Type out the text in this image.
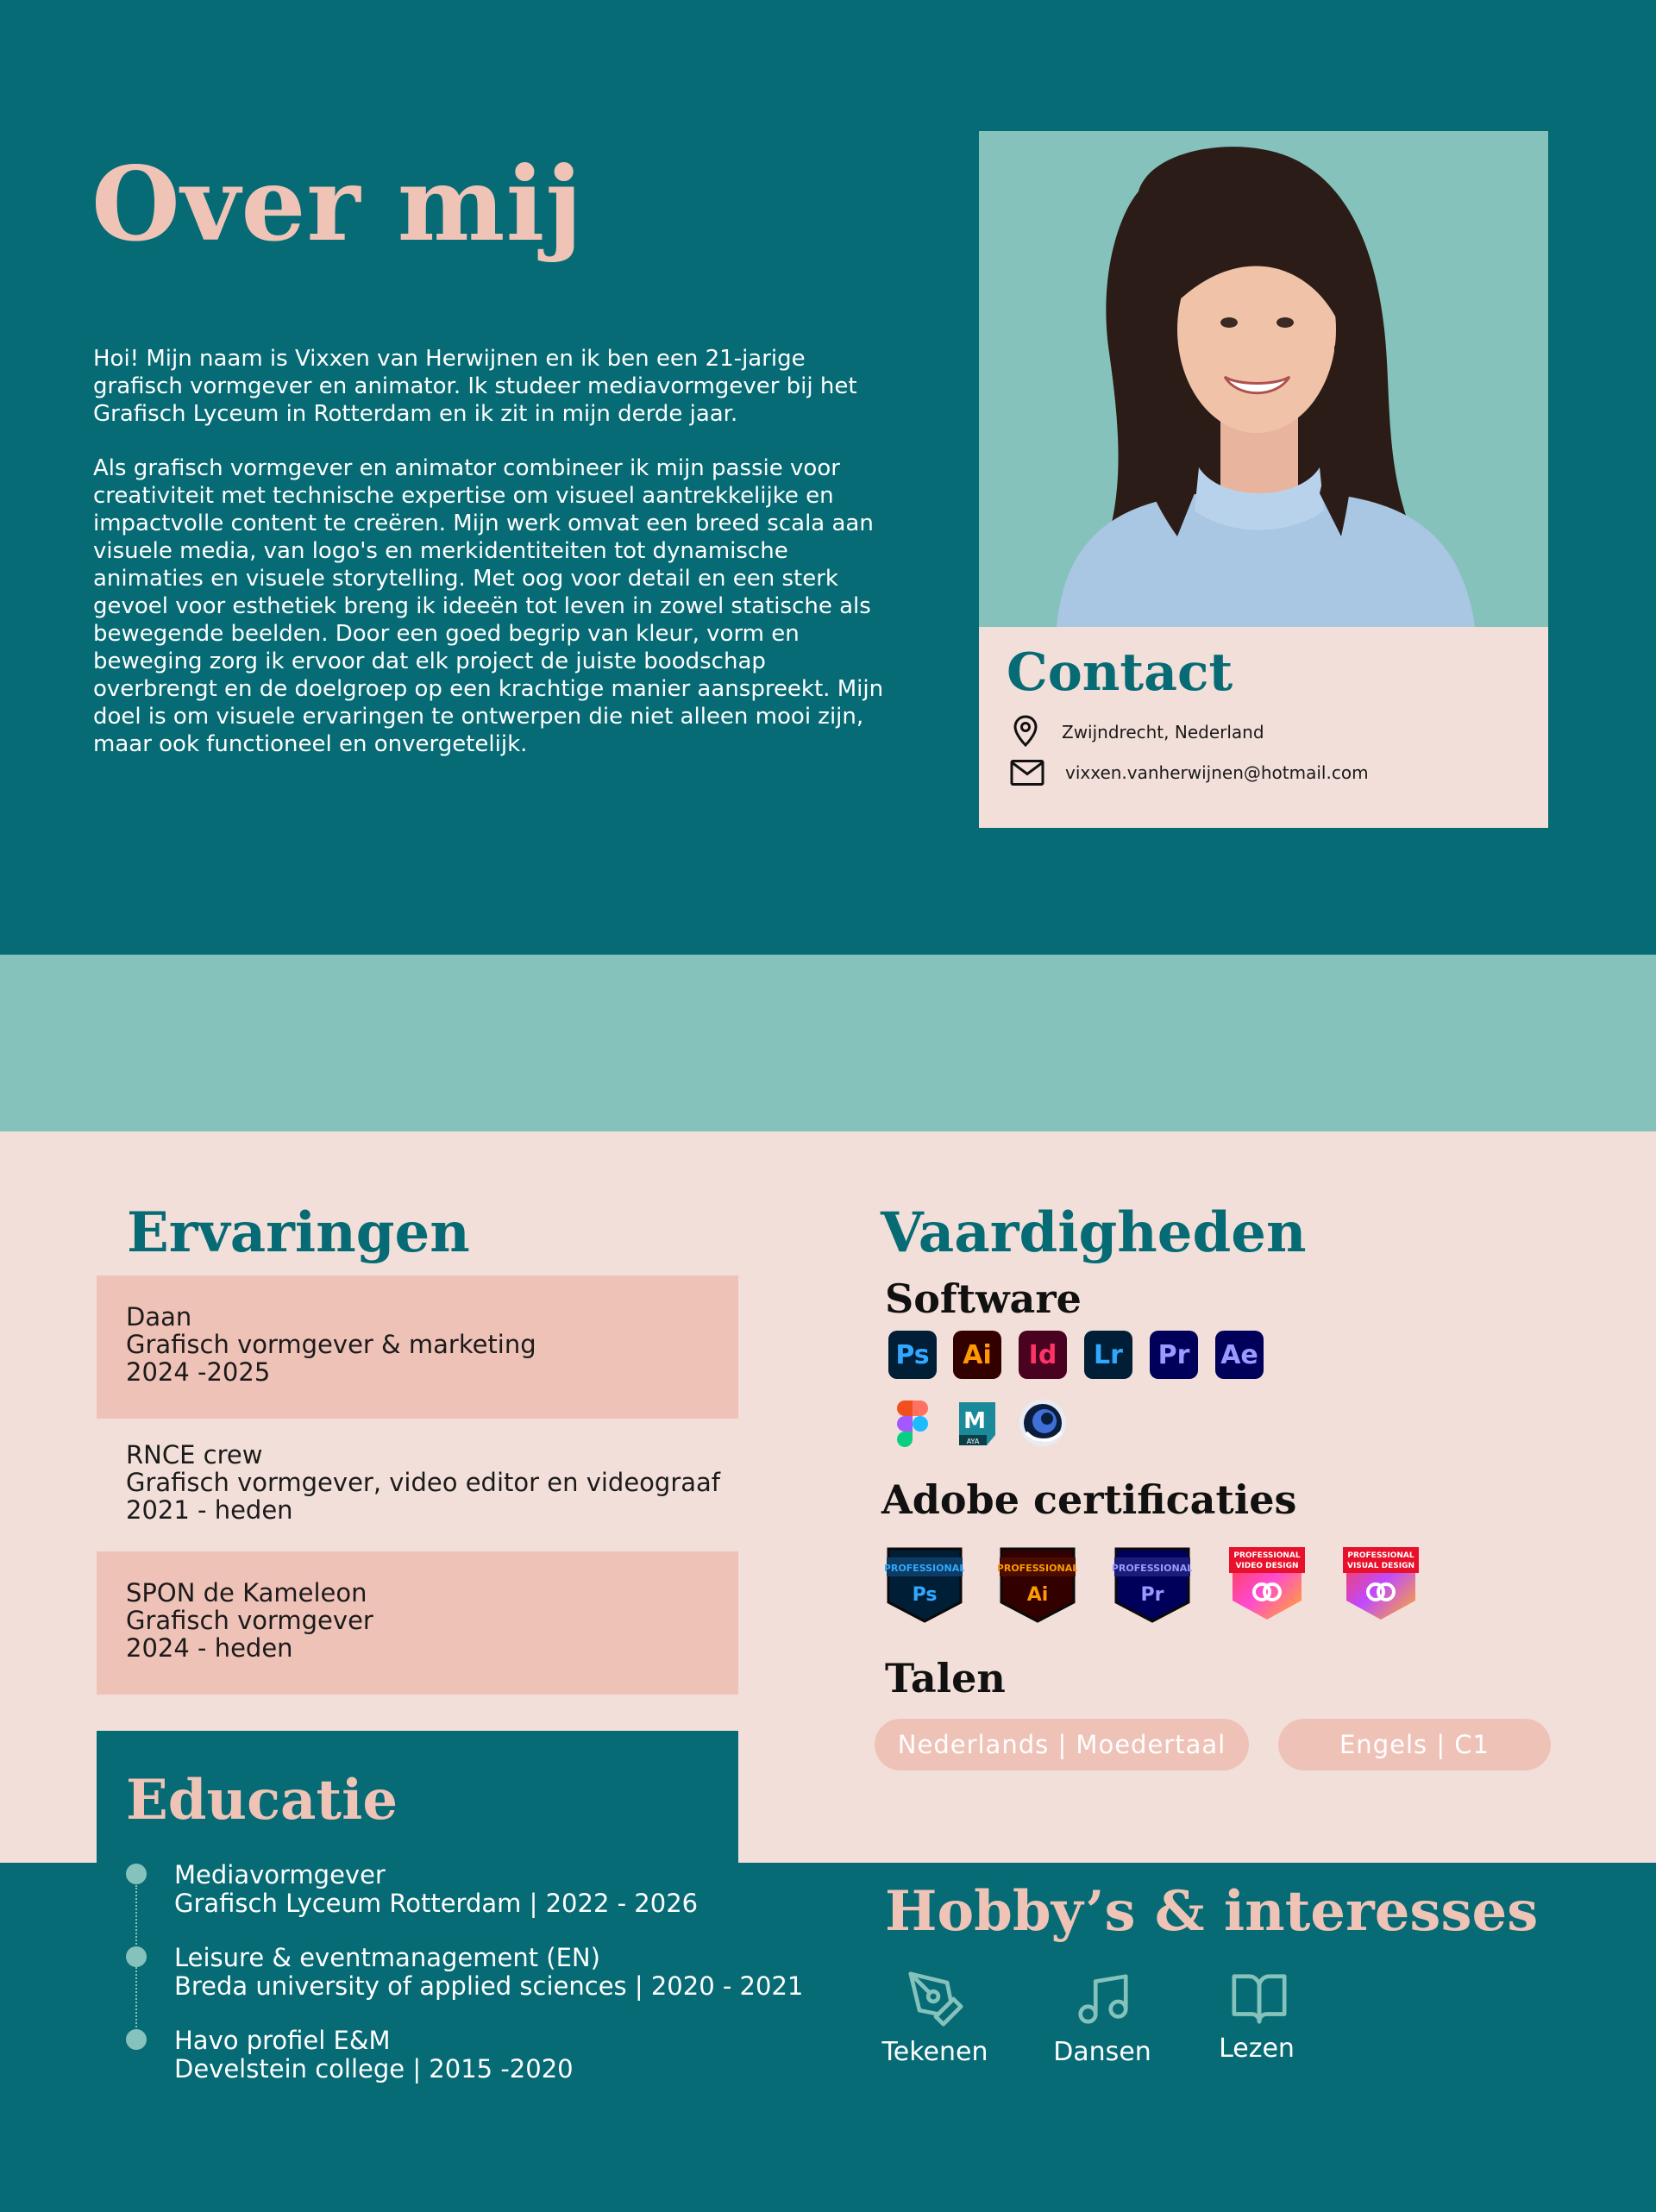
Over mij
Hoi! Mijn naam is Vixxen van Herwijnen en ik ben een 21-jarige grafisch vormgever en animator. Ik studeer mediavormgever bij het Grafisch Lyceum in Rotterdam en ik zit in mijn derde jaar.
Als grafisch vormgever en animator combineer ik mijn passie voor creativiteit met technische expertise om visueel aantrekkelijke en impactvolle content te creëren. Mijn werk omvat een breed scala aan visuele media, van logo's en merkidentiteiten tot dynamische animaties en visuele storytelling. Met oog voor detail en een sterk gevoel voor esthetiek breng ik ideeën tot leven in zowel statische als bewegende beelden. Door een goed begrip van kleur, vorm en beweging zorg ik ervoor dat elk project de juiste boodschap overbrengt en de doelgroep op een krachtige manier aanspreekt. Mijn doel is om visuele ervaringen te ontwerpen die niet alleen mooi zijn, maar ook functioneel en onvergetelijk.
Contact
Zwijndrecht, Nederland
vixxen.vanherwijnen@hotmail.com
Ervaringen
Daan
Grafisch vormgever & marketing
2024 -2025
RNCE crew
Grafisch vormgever, video editor en videograaf
2021 - heden
SPON de Kameleon
Grafisch vormgever
2024 - heden
Educatie
Mediavormgever
Grafisch Lyceum Rotterdam | 2022 - 2026
Leisure & eventmanagement (EN)
Breda university of applied sciences | 2020 - 2021
Havo profiel E&M
Develstein college | 2015 -2020
Vaardigheden
Software
Ps	Ai	Id	Lr	Pr	Ae
M
AYA
Adobe certificaties
PROFESSIONAL
Ps
PROFESSIONAL
Ai
PROFESSIONAL
Pr
PROFESSIONAL
VIDEO DESIGN
PROFESSIONAL
VISUAL DESIGN
Talen
Nederlands | Moedertaal	Engels | C1
Hobby’s & interesses
Tekenen	Dansen	Lezen
